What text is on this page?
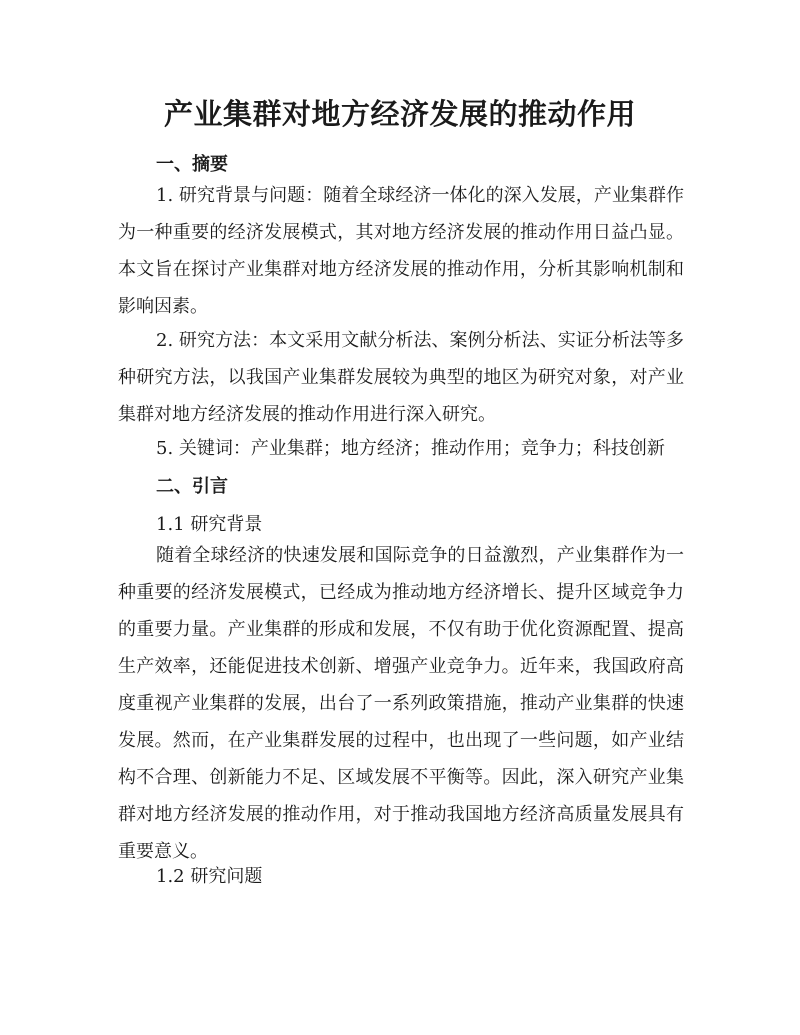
产业集群对地方经济发展的推动作用
一、摘要

1. 研究背景与问题：随着全球经济一体化的深入发展，产业集群作为一种重要的经济发展模式，其对地方经济发展的推动作用日益凸显。本文旨在探讨产业集群对地方经济发展的推动作用，分析其影响机制和影响因素。

2. 研究方法：本文采用文献分析法、案例分析法、实证分析法等多种研究方法，以我国产业集群发展较为典型的地区为研究对象，对产业集群对地方经济发展的推动作用进行深入研究。

5. 关键词：产业集群；地方经济；推动作用；竞争力；科技创新

二、引言
1.1 研究背景

随着全球经济的快速发展和国际竞争的日益激烈，产业集群作为一种重要的经济发展模式，已经成为推动地方经济增长、提升区域竞争力的重要力量。产业集群的形成和发展，不仅有助于优化资源配置、提高生产效率，还能促进技术创新、增强产业竞争力。近年来，我国政府高度重视产业集群的发展，出台了一系列政策措施，推动产业集群的快速发展。然而，在产业集群发展的过程中，也出现了一些问题，如产业结构不合理、创新能力不足、区域发展不平衡等。因此，深入研究产业集群对地方经济发展的推动作用，对于推动我国地方经济高质量发展具有重要意义。

1.2 研究问题
